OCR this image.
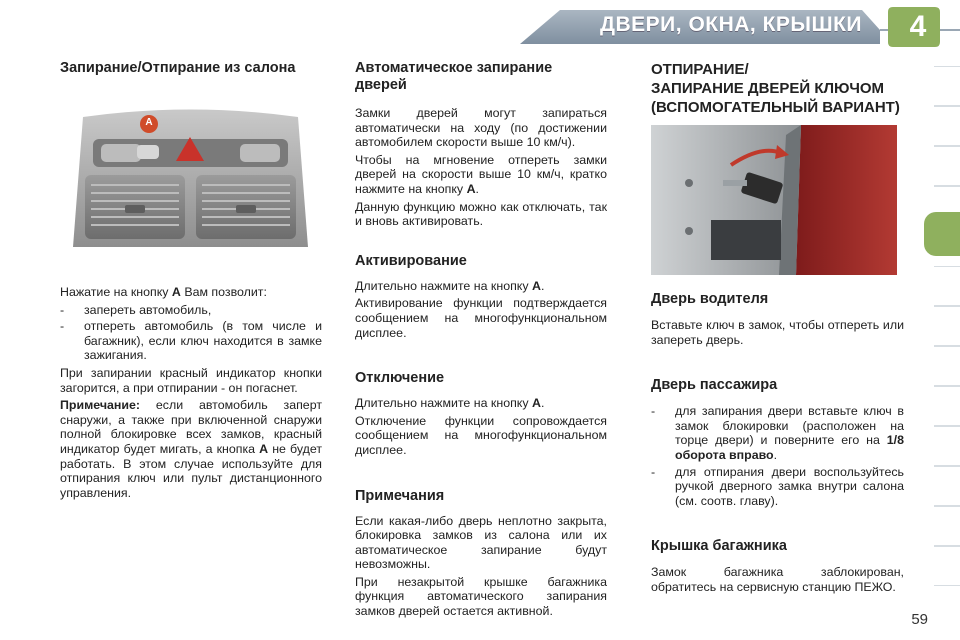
ДВЕРИ, ОКНА, КРЫШКИ	4
Запирание/Отпирание из салона
A

Нажатие на кнопку A Вам позволит:

- запереть автомобиль,
- отпереть автомобиль (в том числе и багажник), если ключ находится в замке зажигания.

При запирании красный индикатор кнопки загорится, а при отпирании - он погаснет.

Примечание: если автомобиль заперт снаружи, а также при включенной снаружи полной блокировке всех замков, красный индикатор будет мигать, а кнопка A не будет работать. В этом случае используйте для отпирания ключ или пульт дистанционного управления.

Автоматическое запирание дверей

Замки дверей могут запираться автоматически на ходу (по достижении автомобилем скорости выше 10 км/ч).

Чтобы на мгновение отпереть замки дверей на скорости выше 10 км/ч, кратко нажмите на кнопку A.

Данную функцию можно как отключать, так и вновь активировать.

Активирование

Длительно нажмите на кнопку A.

Активирование функции подтверждается сообщением на многофункциональном дисплее.

Отключение

Длительно нажмите на кнопку A.

Отключение функции сопровождается сообщением на многофункциональном дисплее.

Примечания

Если какая-либо дверь неплотно закрыта, блокировка замков из салона или их автоматическое запирание будут невозможны.

При незакрытой крышке багажника функция автоматического запирания замков дверей остается активной.

ОТПИРАНИЕ/
ЗАПИРАНИЕ ДВЕРЕЙ КЛЮЧОМ
(ВСПОМОГАТЕЛЬНЫЙ ВАРИАНТ)
Дверь водителя

Вставьте ключ в замок, чтобы отпереть или запереть дверь.

Дверь пассажира
- для запирания двери вставьте ключ в замок блокировки (расположен на торце двери) и поверните его на 1/8 оборота вправо.
- для отпирания двери воспользуйтесь ручкой дверного замка внутри салона (см. соотв. главу).
Крышка багажника

Замок багажника заблокирован, обратитесь на сервисную станцию ПЕЖО.

59
